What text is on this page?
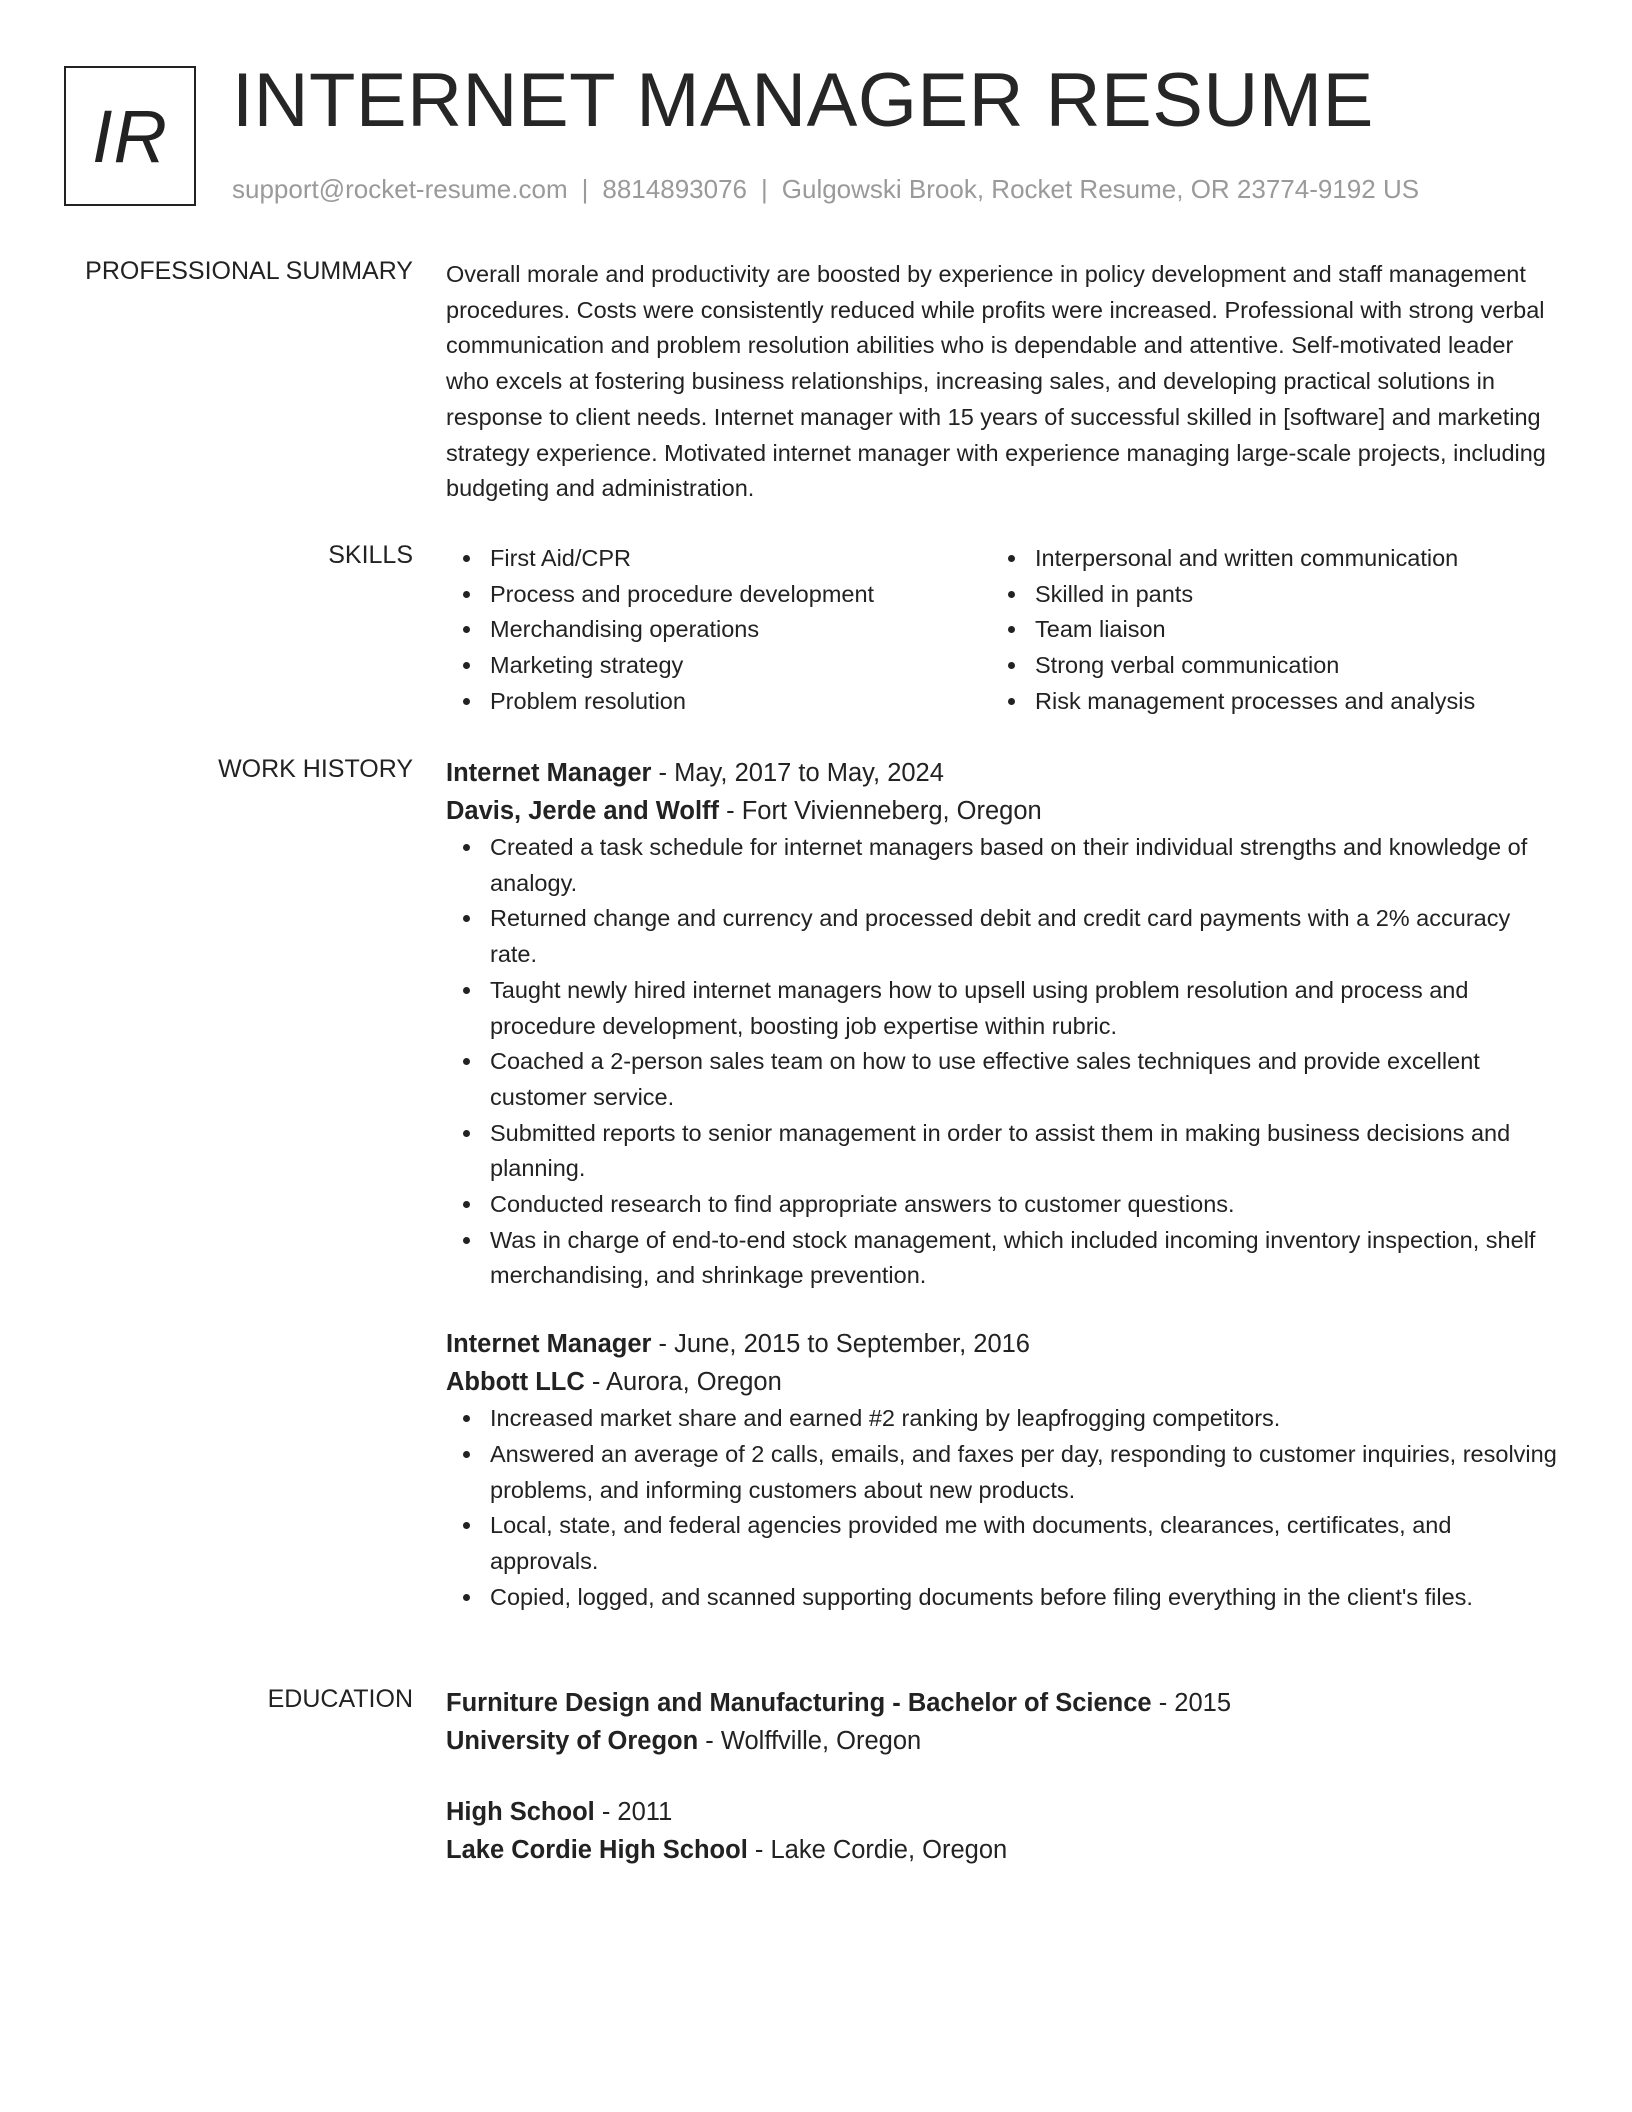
IR INTERNET MANAGER RESUME
support@rocket-resume.com | 8814893076 | Gulgowski Brook, Rocket Resume, OR 23774-9192 US
PROFESSIONAL SUMMARY Overall morale and productivity are boosted by experience in policy development and staff management procedures. Costs were consistently reduced while profits were increased. Professional with strong verbal communication and problem resolution abilities who is dependable and attentive. Self-motivated leader who excels at fostering business relationships, increasing sales, and developing practical solutions in response to client needs. Internet manager with 15 years of successful skilled in [software] and marketing strategy experience. Motivated internet manager with experience managing large-scale projects, including budgeting and administration.

SKILLS	First Aid/CPR
Process and procedure development
Merchandising operations
Marketing strategy
Problem resolution
Interpersonal and written communication
Skilled in pants
Team liaison
Strong verbal communication
Risk management processes and analysis
WORK HISTORY Internet Manager - May, 2017 to May, 2024
Davis, Jerde and Wolff - Fort Vivienneberg, Oregon
Created a task schedule for internet managers based on their individual strengths and knowledge of analogy.
Returned change and currency and processed debit and credit card payments with a 2% accuracy rate.
Taught newly hired internet managers how to upsell using problem resolution and process and procedure development, boosting job expertise within rubric.
Coached a 2-person sales team on how to use effective sales techniques and provide excellent customer service.
Submitted reports to senior management in order to assist them in making business decisions and planning.
Conducted research to find appropriate answers to customer questions.
Was in charge of end-to-end stock management, which included incoming inventory inspection, shelf merchandising, and shrinkage prevention.
Internet Manager - June, 2015 to September, 2016
Abbott LLC - Aurora, Oregon
Increased market share and earned #2 ranking by leapfrogging competitors.
Answered an average of 2 calls, emails, and faxes per day, responding to customer inquiries, resolving problems, and informing customers about new products.
Local, state, and federal agencies provided me with documents, clearances, certificates, and approvals.
Copied, logged, and scanned supporting documents before filing everything in the client's files.
EDUCATION Furniture Design and Manufacturing - Bachelor of Science - 2015
University of Oregon - Wolffville, Oregon
High School - 2011
Lake Cordie High School - Lake Cordie, Oregon
